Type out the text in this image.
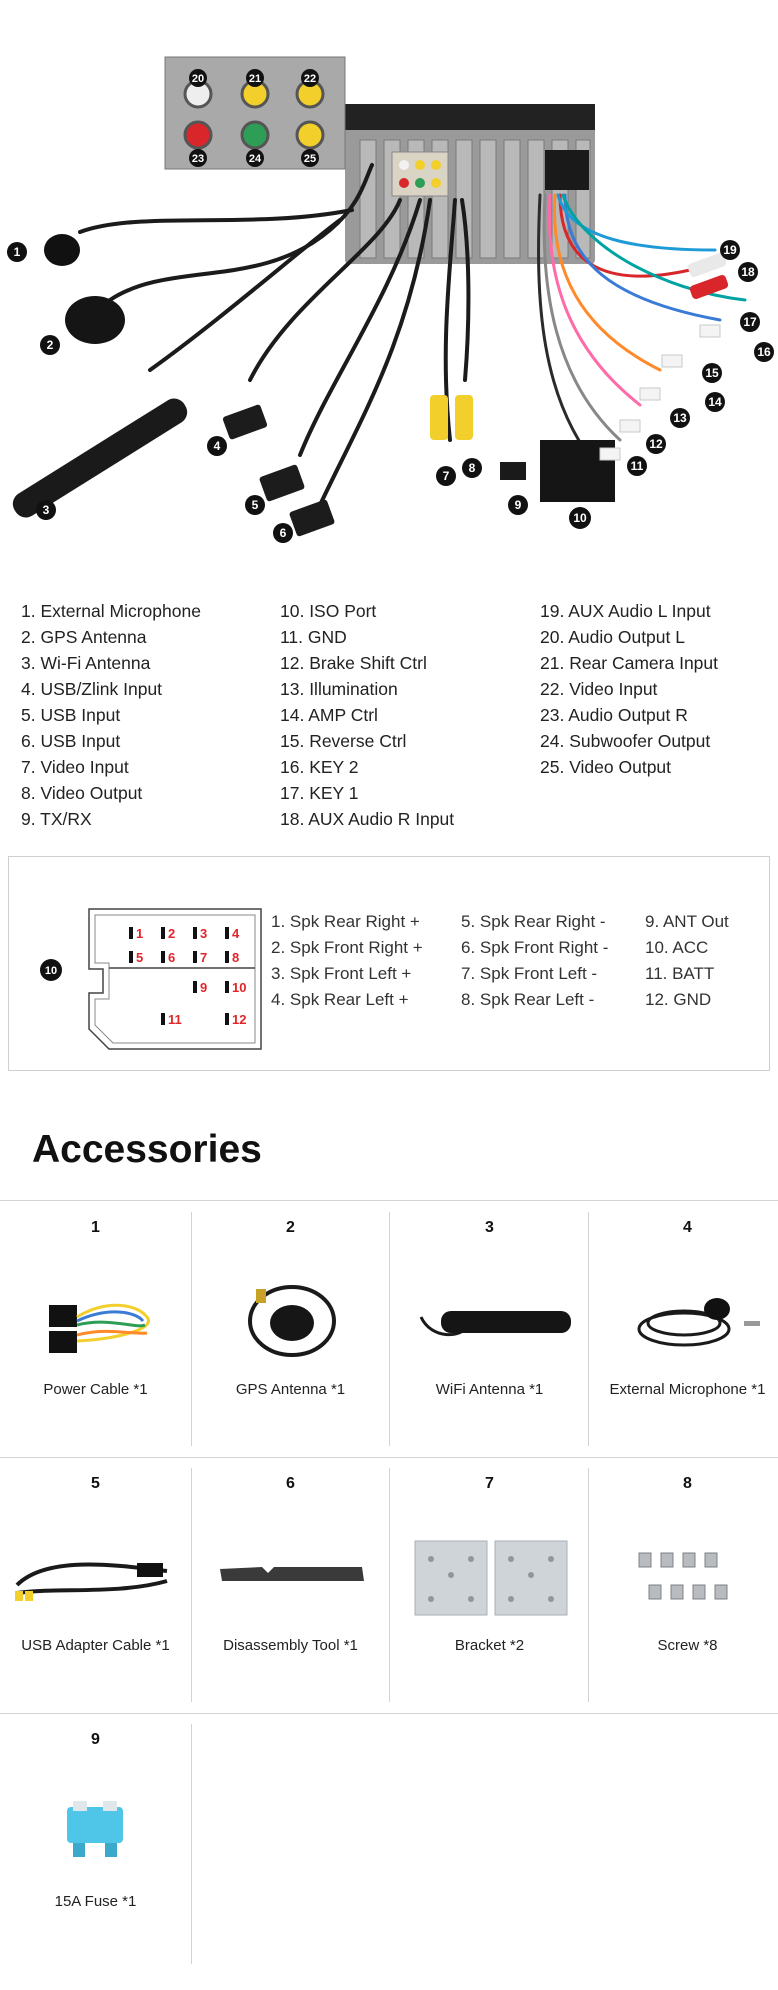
20	21	22
23	24	25
1
2
3
4
5
6
7
8
9
10
11
12
13
14
15
16
17
18
19
1. External Microphone
2. GPS Antenna
3. Wi-Fi Antenna
4. USB/Zlink Input
5. USB Input
6. USB Input
7. Video Input
8. Video Output
9. TX/RX
10. ISO Port
11. GND
12. Brake Shift Ctrl
13. Illumination
14. AMP Ctrl
15. Reverse Ctrl
16. KEY 2
17. KEY 1
18. AUX Audio R Input
19. AUX Audio L Input
20. Audio Output L
21. Rear Camera Input
22. Video Input
23. Audio Output R
24. Subwoofer Output
25. Video Output
10
1 2 3 4
5 6 7 8
9 10
11	12
1. Spk Rear Right +
2. Spk Front Right +
3. Spk Front Left +
4. Spk Rear Left +
5. Spk Rear Right -
6. Spk Front Right -
7. Spk Front Left -
8. Spk Rear Left -
9. ANT Out
10. ACC
11. BATT
12. GND
Accessories
1
Power Cable *1
2
GPS Antenna *1
3
WiFi Antenna *1
4
External Microphone *1
5
USB Adapter Cable *1
6
Disassembly Tool *1
7
Bracket *2
8
Screw *8
9
15A Fuse *1
